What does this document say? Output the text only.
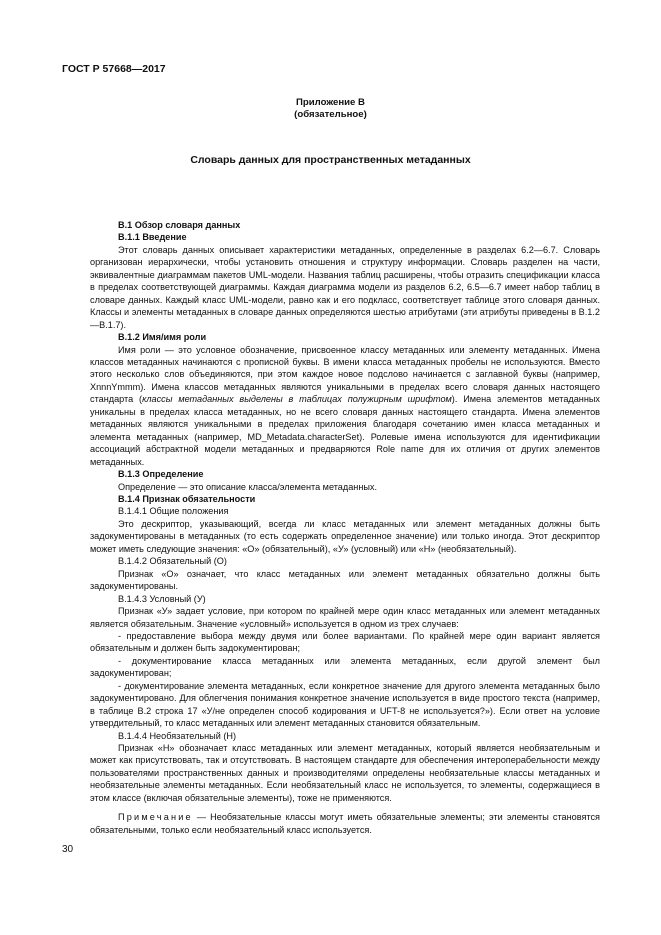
ГОСТ Р 57668—2017
Приложение В
(обязательное)
Словарь данных для пространственных метаданных

В.1 Обзор словаря данных

В.1.1 Введение

Этот словарь данных описывает характеристики метаданных, определенные в разделах 6.2—6.7. Словарь организован иерархически, чтобы установить отношения и структуру информации. Словарь разделен на части, эквивалентные диаграммам пакетов UML-модели. Названия таблиц расширены, чтобы отразить спецификации класса в пределах соответствующей диаграммы. Каждая диаграмма модели из разделов 6.2, 6.5—6.7 имеет набор таблиц в словаре данных. Каждый класс UML-модели, равно как и его подкласс, соответствует таблице этого словаря данных. Классы и элементы метаданных в словаре данных определяются шестью атрибутами (эти атрибуты приведены в В.1.2—В.1.7).

В.1.2 Имя/имя роли

Имя роли — это условное обозначение, присвоенное классу метаданных или элементу метаданных. Имена классов метаданных начинаются с прописной буквы. В имени класса метаданных пробелы не используются. Вместо этого несколько слов объединяются, при этом каждое новое подслово начинается с заглавной буквы (например, XnnnYmmm). Имена классов метаданных являются уникальными в пределах всего словаря данных настоящего стандарта (классы метаданных выделены в таблицах полужирным шрифтом). Имена элементов метаданных уникальны в пределах класса метаданных, но не всего словаря данных настоящего стандарта. Имена элементов метаданных являются уникальными в пределах приложения благодаря сочетанию имен класса метаданных и элемента метаданных (например, MD_Metadata.characterSet). Ролевые имена используются для идентификации ассоциаций абстрактной модели метаданных и предваряются Role name для их отличия от других элементов метаданных.

В.1.3 Определение

Определение — это описание класса/элемента метаданных.

В.1.4 Признак обязательности

В.1.4.1 Общие положения

Это дескриптор, указывающий, всегда ли класс метаданных или элемент метаданных должны быть задокументированы в метаданных (то есть содержать определенное значение) или только иногда. Этот дескриптор может иметь следующие значения: «О» (обязательный), «У» (условный) или «Н» (необязательный).

В.1.4.2 Обязательный (О)

Признак «О» означает, что класс метаданных или элемент метаданных обязательно должны быть задокументированы.

В.1.4.3 Условный (У)

Признак «У» задает условие, при котором по крайней мере один класс метаданных или элемент метаданных является обязательным. Значение «условный» используется в одном из трех случаев:

- предоставление выбора между двумя или более вариантами. По крайней мере один вариант является обязательным и должен быть задокументирован;

- документирование класса метаданных или элемента метаданных, если другой элемент был задокументирован;

- документирование элемента метаданных, если конкретное значение для другого элемента метаданных было задокументировано. Для облегчения понимания конкретное значение используется в виде простого текста (например, в таблице В.2 строка 17 «У/не определен способ кодирования и UFT-8 не используется?»). Если ответ на условие утвердительный, то класс метаданных или элемент метаданных становится обязательным.

В.1.4.4 Необязательный (Н)

Признак «Н» обозначает класс метаданных или элемент метаданных, который является необязательным и может как присутствовать, так и отсутствовать. В настоящем стандарте для обеспечения интероперабельности между пользователями пространственных данных и производителями определены необязательные классы метаданных и необязательные элементы метаданных. Если необязательный класс не используется, то элементы, содержащиеся в этом классе (включая обязательные элементы), тоже не применяются.

Примечание — Необязательные классы могут иметь обязательные элементы; эти элементы становятся обязательными, только если необязательный класс используется.

30
